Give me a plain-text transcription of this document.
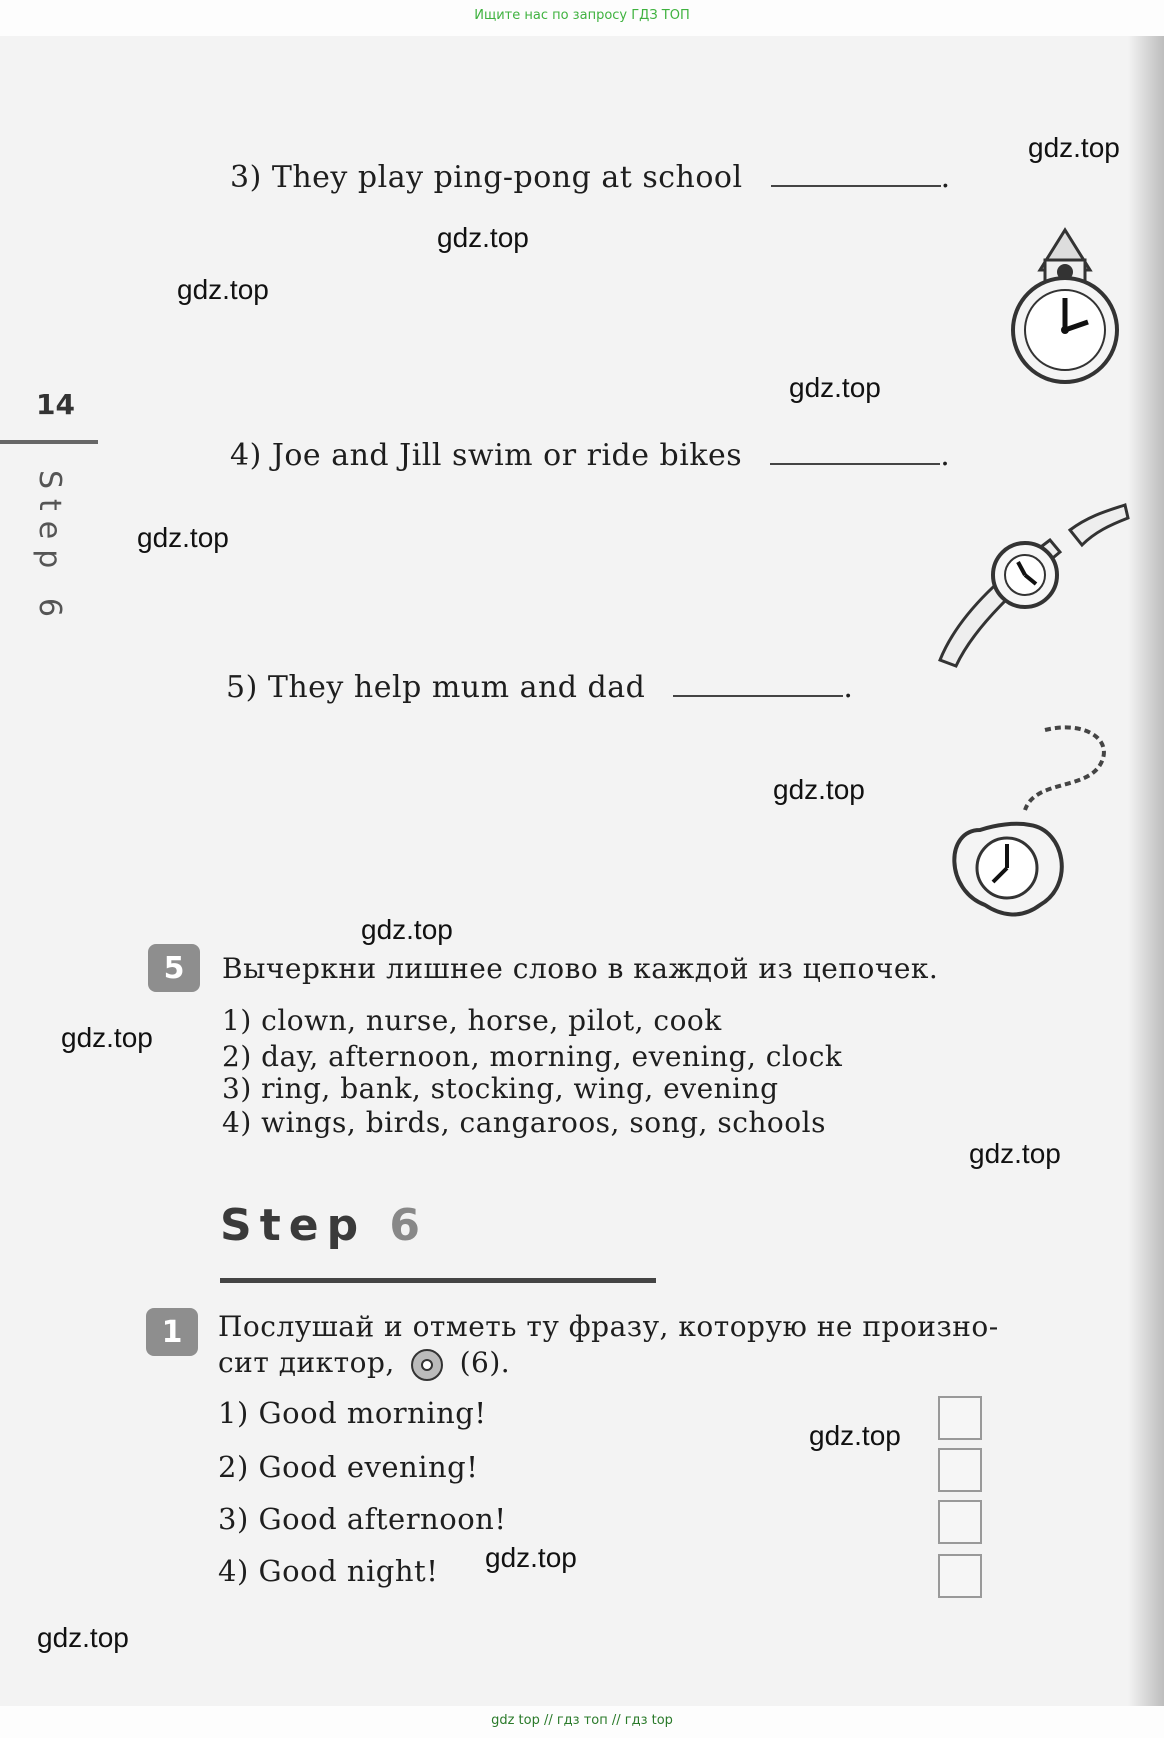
Ищите нас по запросу ГДЗ ТОП
14
Step 6
3) They play ping-pong at school	.
4) Joe and Jill swim or ride bikes	.
5) They help mum and dad	.
5	Вычеркни лишнее слово в каждой из цепочек.
1) clown, nurse, horse, pilot, cook
2) day, afternoon, morning, evening, clock
3) ring, bank, stocking, wing, evening
4) wings, birds, cangaroos, song, schools
Step 6
1	Послушай и отметь ту фразу, которую не произно-
сит диктор, (6).
1) Good morning!
2) Good evening!
3) Good afternoon!
4) Good night!
gdz.top
gdz.top
gdz.top
gdz.top
gdz.top
gdz.top
gdz.top
gdz.top
gdz.top
gdz.top
gdz.top
gdz.top
gdz top // гдз топ // гдз top
